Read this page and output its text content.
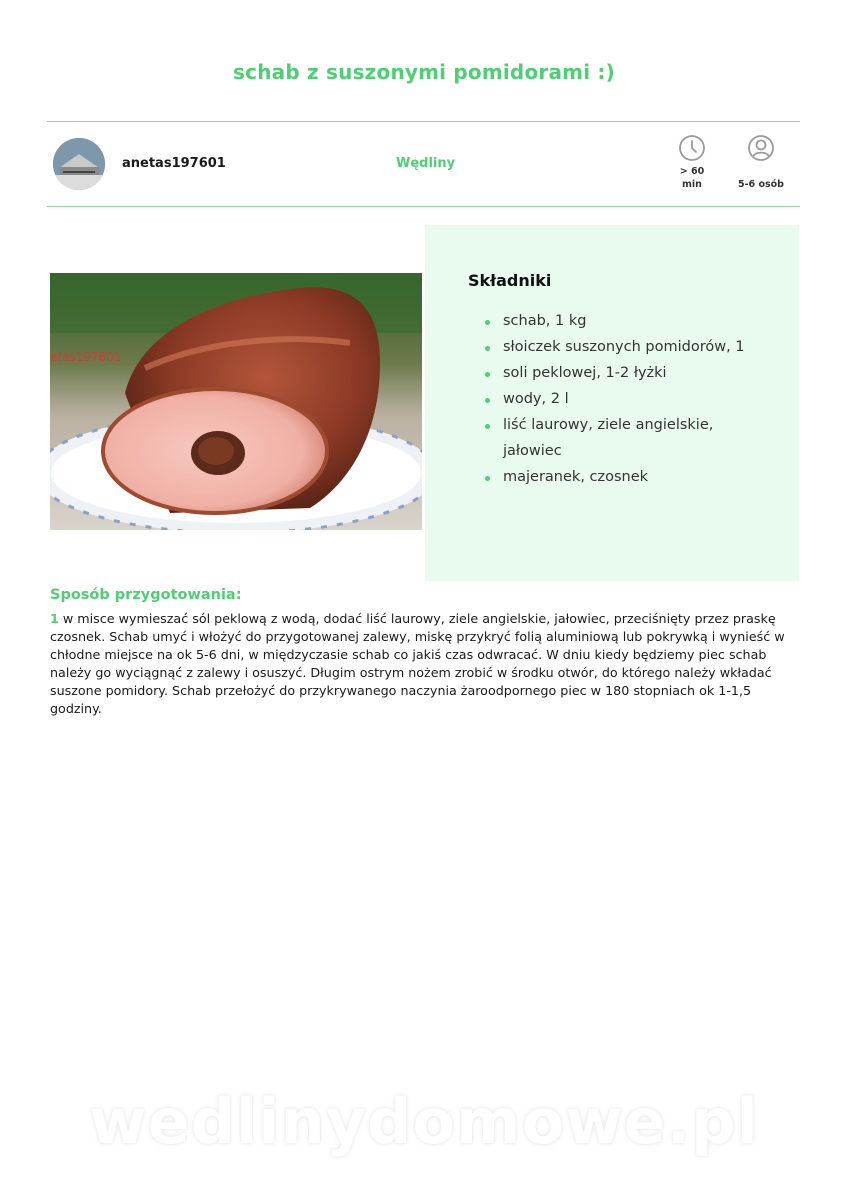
schab z suszonymi pomidorami :)
anetas197601	Wędliny
> 60 min	5-6 osób
etas197601
Składniki
schab, 1 kg
słoiczek suszonych pomidorów, 1
soli peklowej, 1-2 łyżki
wody, 2 l
liść laurowy, ziele angielskie, jałowiec
majeranek, czosnek
Sposób przygotowania:
1 w misce wymieszać sól peklową z wodą, dodać liść laurowy, ziele angielskie, jałowiec, przeciśnięty przez praskę czosnek. Schab umyć i włożyć do przygotowanej zalewy, miskę przykryć folią aluminiową lub pokrywką i wynieść w chłodne miejsce na ok 5-6 dni, w międzyczasie schab co jakiś czas odwracać. W dniu kiedy będziemy piec schab należy go wyciągnąć z zalewy i osuszyć. Długim ostrym nożem zrobić w środku otwór, do którego należy wkładać suszone pomidory. Schab przełożyć do przykrywanego naczynia żaroodpornego piec w 180 stopniach ok 1-1,5 godziny.
wedlinydomowe.pl
